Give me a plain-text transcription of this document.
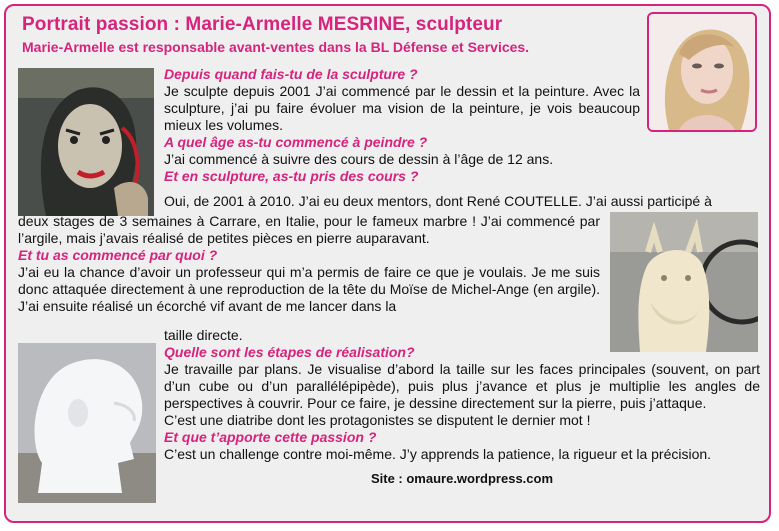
Portrait passion : Marie-Armelle MESRINE, sculpteur
Marie-Armelle est responsable avant-ventes dans la BL Défense et Services.

Depuis quand fais-tu de la sculpture ?

Je sculpte depuis 2001 J’ai commencé par le dessin et la peinture. Avec la sculpture, j’ai pu faire évoluer ma vision de la peinture, je vois beaucoup mieux les volumes.

A quel âge as-tu commencé à peindre ?

J’ai commencé à suivre des cours de dessin à l’âge de 12 ans.

Et en sculpture, as-tu pris des cours ?

Oui, de 2001 à 2010. J’ai eu deux mentors, dont René COUTELLE. J’ai aussi participé à

deux stages de 3 semaines à Carrare, en Italie, pour le fameux marbre ! J’ai commencé par l’argile, mais j’avais réalisé de petites pièces en pierre auparavant.

Et tu as commencé par quoi ?

J’ai eu la chance d’avoir un professeur qui m’a permis de faire ce que je voulais. Je me suis donc attaquée directement à une reproduction de la tête du Moïse de Michel-Ange (en argile). J’ai ensuite réalisé un écorché vif avant de me lancer dans la

taille directe.

Quelle sont les étapes de réalisation?

Je travaille par plans. Je visualise d’abord la taille sur les faces principales (souvent, on part d’un cube ou d’un parallélépipède), puis plus j’avance et plus je multiplie les angles de perspectives à couvrir. Pour ce faire, je dessine directement sur la pierre, puis j’attaque.

C’est une diatribe dont les protagonistes se disputent le dernier mot !

Et que t’apporte cette passion ?

C’est un challenge contre moi-même. J’y apprends la patience, la rigueur et la précision.

Site : omaure.wordpress.com
